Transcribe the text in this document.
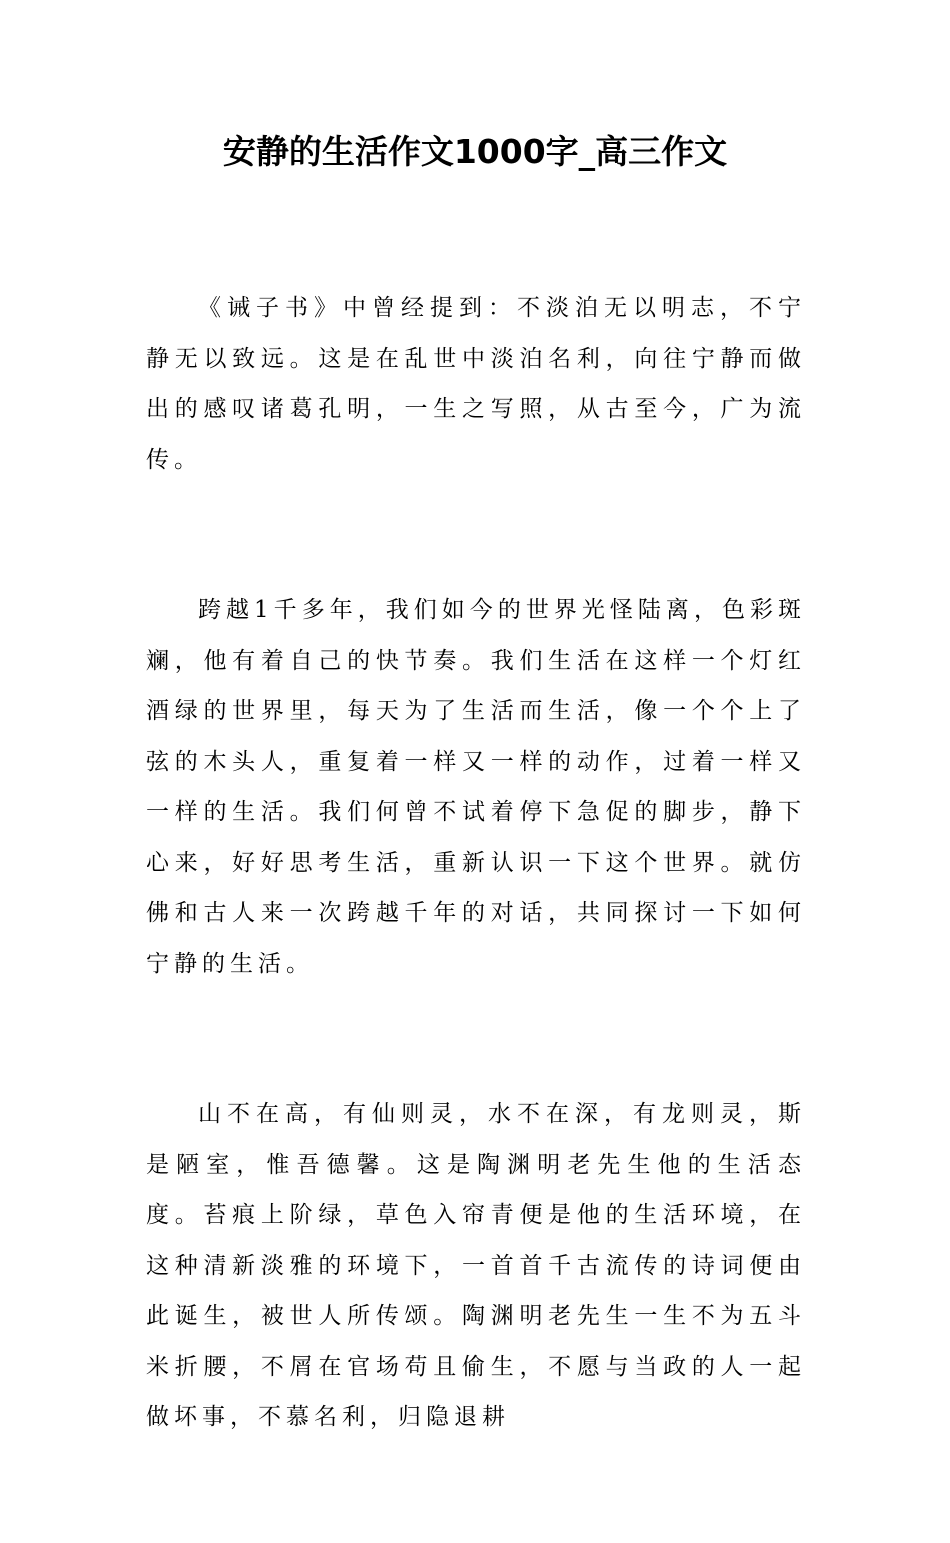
安静的生活作文1000字_高三作文

《诫子书》中曾经提到：不淡泊无以明志，不宁静无以致远。这是在乱世中淡泊名利，向往宁静而做出的感叹诸葛孔明，一生之写照，从古至今，广为流传。

跨越1千多年，我们如今的世界光怪陆离，色彩斑斓，他有着自己的快节奏。我们生活在这样一个灯红酒绿的世界里，每天为了生活而生活，像一个个上了弦的木头人，重复着一样又一样的动作，过着一样又一样的生活。我们何曾不试着停下急促的脚步，静下心来，好好思考生活，重新认识一下这个世界。就仿佛和古人来一次跨越千年的对话，共同探讨一下如何宁静的生活。

山不在高，有仙则灵，水不在深，有龙则灵，斯是陋室，惟吾德馨。这是陶渊明老先生他的生活态度。苔痕上阶绿，草色入帘青便是他的生活环境，在这种清新淡雅的环境下，一首首千古流传的诗词便由此诞生，被世人所传颂。陶渊明老先生一生不为五斗米折腰，不屑在官场苟且偷生，不愿与当政的人一起做坏事，不慕名利，归隐退耕
